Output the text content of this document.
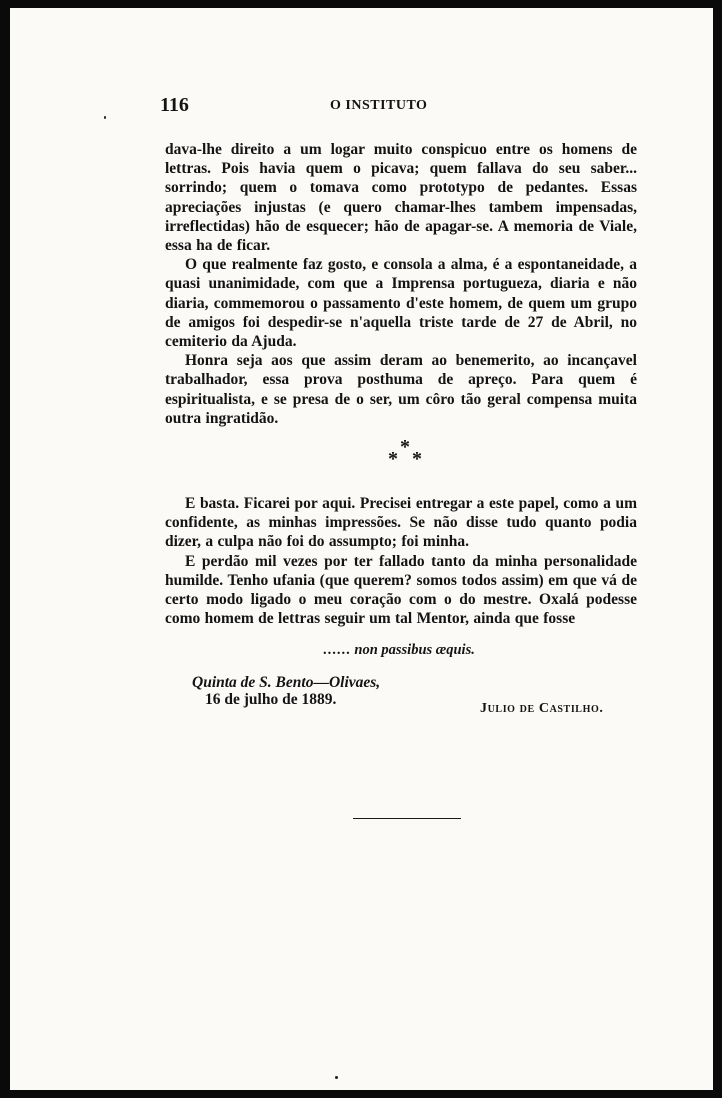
116	O INSTITUTO

dava-lhe direito a um logar muito conspicuo entre os homens de lettras. Pois havia quem o picava; quem fallava do seu saber... sorrindo; quem o tomava como prototypo de pedantes. Essas apreciações injustas (e quero chamar-lhes tambem impensadas, irreflectidas) hão de esquecer; hão de apagar-se. A memoria de Viale, essa ha de ficar.

O que realmente faz gosto, e consola a alma, é a espontaneidade, a quasi unanimidade, com que a Imprensa portugueza, diaria e não diaria, commemorou o passamento d'este homem, de quem um grupo de amigos foi despedir-se n'aquella triste tarde de 27 de Abril, no cemiterio da Ajuda.

Honra seja aos que assim deram ao benemerito, ao incançavel trabalhador, essa prova posthuma de apreço. Para quem é espiritualista, e se presa de o ser, um côro tão geral compensa muita outra ingratidão.

*
* *

E basta. Ficarei por aqui. Precisei entregar a este papel, como a um confidente, as minhas impressões. Se não disse tudo quanto podia dizer, a culpa não foi do assumpto; foi minha.

E perdão mil vezes por ter fallado tanto da minha personalidade humilde. Tenho ufania (que querem? somos todos assim) em que vá de certo modo ligado o meu coração com o do mestre. Oxalá podesse como homem de lettras seguir um tal Mentor, ainda que fosse

...... non passibus æquis.
Quinta de S. Bento—Olivaes,
16 de julho de 1889.
Julio de Castilho.
